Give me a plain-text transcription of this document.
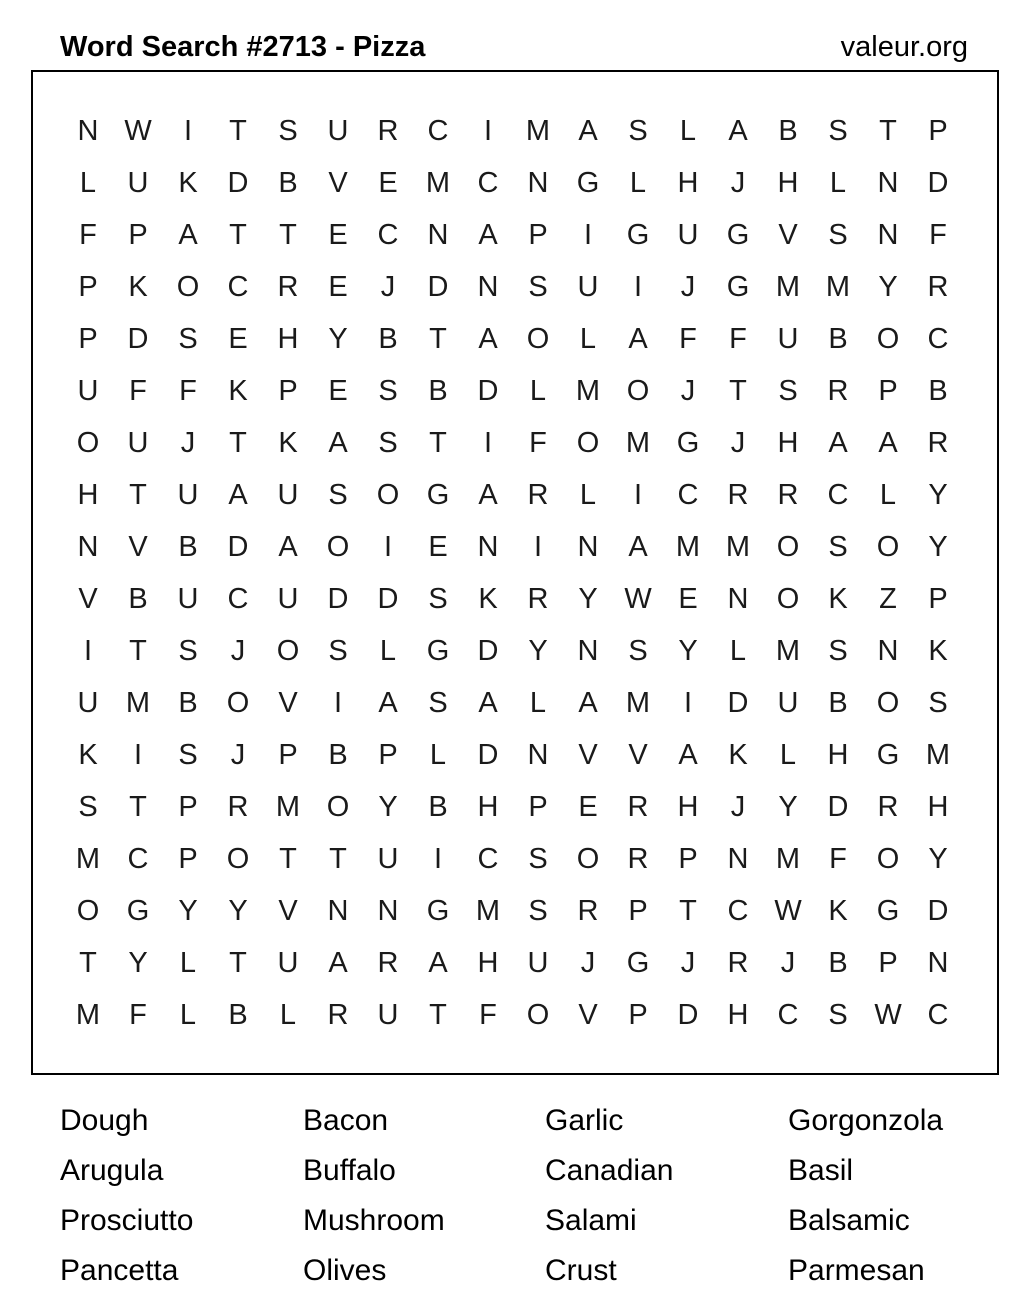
Word Search #2713 - Pizza	valeur.org
N W	I	T	S	U	R	C	I	M A	S	L	A	B	S	T	P
L	U	K	D	B	V	E M C	N G	L	H	J	H	L	N	D
F	P	A	T	T	E	C	N	A	P	I	G U G	V	S	N	F
P	K	O C	R	E	J	D	N	S	U	I	J	G M M Y	R
P	D	S	E	H	Y	B	T	A	O	L	A	F	F	U	B	O C
U	F	F	K	P	E	S	B	D	L	M O	J	T	S	R	P	B
O U	J	T	K	A	S	T	I	F	O M G	J	H	A	A	R
H	T	U	A	U	S	O G	A	R	L	I	C	R	R	C	L	Y
N	V	B	D	A	O	I	E	N	I	N	A M M O	S	O	Y
V	B	U	C	U	D	D	S	K	R	Y W E	N O	K	Z	P
I	T	S	J	O	S	L	G D	Y	N	S	Y	L	M S	N	K
U M B	O	V	I	A	S	A	L	A M	I	D	U	B	O	S
K	I	S	J	P	B	P	L	D	N	V	V	A	K	L	H G M
S	T	P	R M O	Y	B	H	P	E	R	H	J	Y	D	R	H
M C	P	O	T	T	U	I	C	S	O R	P	N M	F	O	Y
O G	Y	Y	V	N	N G M S	R	P	T	C W K	G D
T	Y	L	T	U	A	R	A	H	U	J	G	J	R	J	B	P	N
M	F	L	B	L	R	U	T	F	O	V	P	D	H	C	S W C
Dough	Bacon	Garlic	Gorgonzola
Arugula	Buffalo	Canadian	Basil
Prosciutto	Mushroom	Salami	Balsamic
Pancetta	Olives	Crust	Parmesan
